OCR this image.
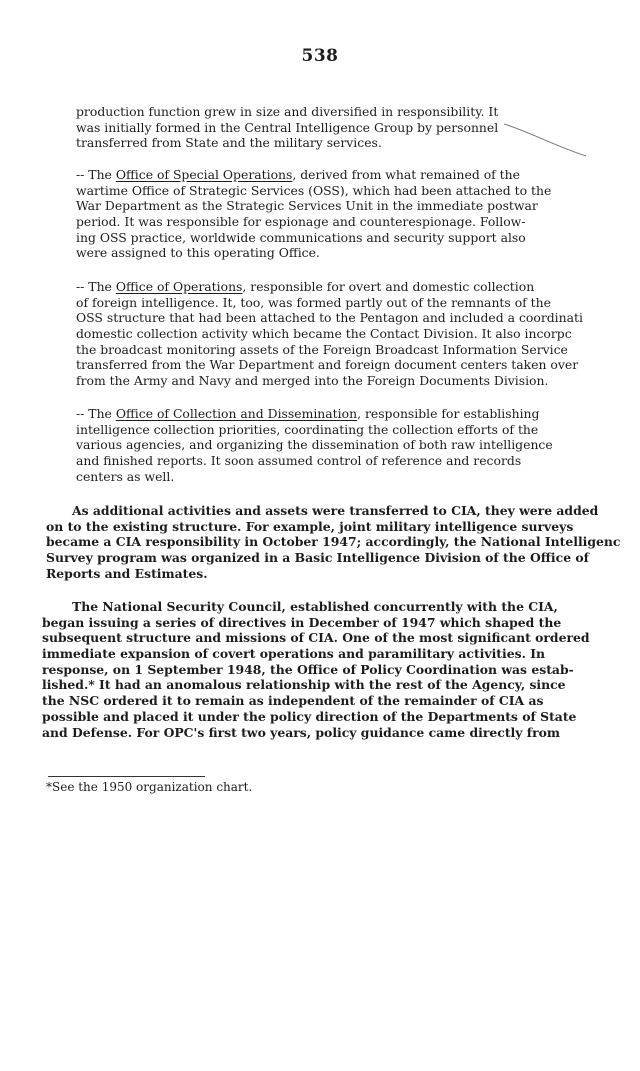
538
production function grew in size and diversified in responsibility. It
was initially formed in the Central Intelligence Group by personnel
transferred from State and the military services.
-- The Office of Special Operations, derived from what remained of the
wartime Office of Strategic Services (OSS), which had been attached to the
War Department as the Strategic Services Unit in the immediate postwar
period. It was responsible for espionage and counterespionage. Follow-
ing OSS practice, worldwide communications and security support also
were assigned to this operating Office.
-- The Office of Operations, responsible for overt and domestic collection
of foreign intelligence. It, too, was formed partly out of the remnants of the
OSS structure that had been attached to the Pentagon and included a coordinati
domestic collection activity which became the Contact Division. It also incorpc
the broadcast monitoring assets of the Foreign Broadcast Information Service
transferred from the War Department and foreign document centers taken over
from the Army and Navy and merged into the Foreign Documents Division.
-- The Office of Collection and Dissemination, responsible for establishing
intelligence collection priorities, coordinating the collection efforts of the
various agencies, and organizing the dissemination of both raw intelligence
and finished reports. It soon assumed control of reference and records
centers as well.
As additional activities and assets were transferred to CIA, they were added
on to the existing structure. For example, joint military intelligence surveys
became a CIA responsibility in October 1947; accordingly, the National Intelligenc
Survey program was organized in a Basic Intelligence Division of the Office of
Reports and Estimates.
The National Security Council, established concurrently with the CIA,
began issuing a series of directives in December of 1947 which shaped the
subsequent structure and missions of CIA. One of the most significant ordered
immediate expansion of covert operations and paramilitary activities. In
response, on 1 September 1948, the Office of Policy Coordination was estab-
lished.* It had an anomalous relationship with the rest of the Agency, since
the NSC ordered it to remain as independent of the remainder of CIA as
possible and placed it under the policy direction of the Departments of State
and Defense. For OPC's first two years, policy guidance came directly from
*See the 1950 organization chart.
